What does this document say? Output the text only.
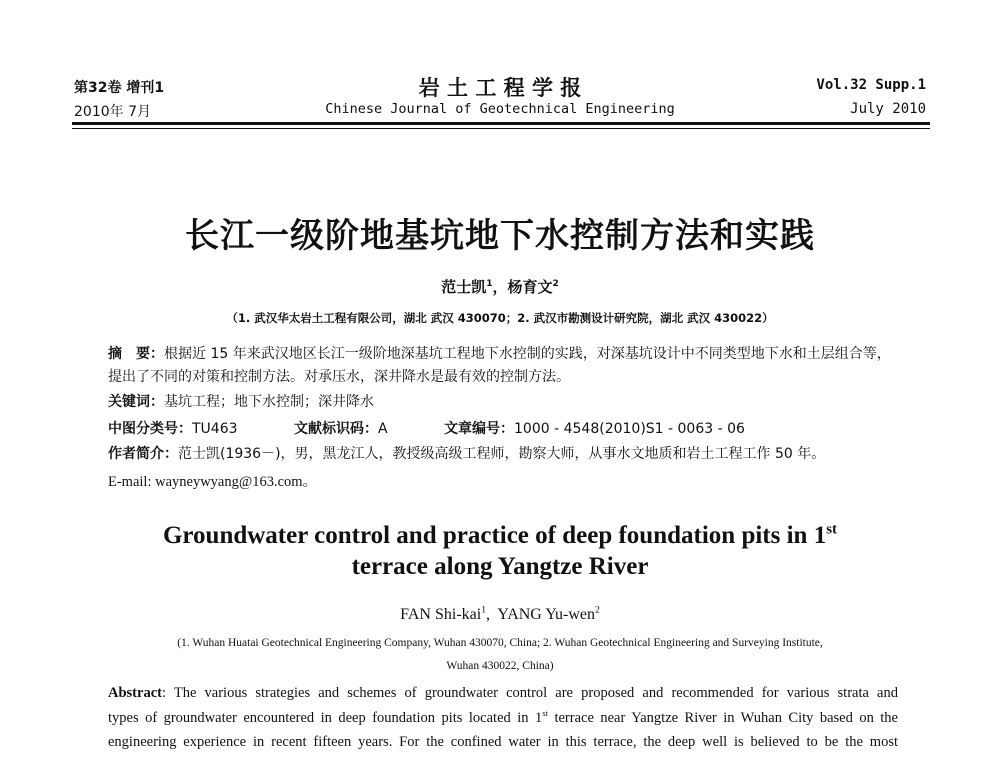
第32卷 增刊1
2010年 7月
岩 土 工 程 学 报
Chinese Journal of Geotechnical Engineering
Vol.32 Supp.1
July 2010
长江一级阶地基坑地下水控制方法和实践
范士凯$^1$，杨育文$^2$
（1. 武汉华太岩土工程有限公司，湖北 武汉 430070；2. 武汉市勘测设计研究院，湖北 武汉 430022）
摘　要：根据近 15 年来武汉地区长江一级阶地深基坑工程地下水控制的实践，对深基坑设计中不同类型地下水和土层组合等，提出了不同的对策和控制方法。对承压水，深井降水是最有效的控制方法。
关键词：基坑工程；地下水控制；深井降水
中图分类号：TU463	文献标识码：A	文章编号：1000 - 4548(2010)S1 - 0063 - 06
作者简介：范士凯(1936－)，男，黑龙江人，教授级高级工程师，勘察大师，从事水文地质和岩土工程工作 50 年。
E-mail: wayneywyang@163.com。
Groundwater control and practice of deep foundation pits in 1st
terrace along Yangtze River
FAN Shi-kai$^1$,  YANG Yu-wen$^2$
(1. Wuhan Huatai Geotechnical Engineering Company, Wuhan 430070, China; 2. Wuhan Geotechnical Engineering and Surveying Institute,
Wuhan 430022, China)
Abstract: The various strategies and schemes of groundwater control are proposed and recommended for various strata and
types of groundwater encountered in deep foundation pits located in 1st terrace near Yangtze River in Wuhan City based on the
engineering experience in recent fifteen years. For the confined water in this terrace, the deep well is believed to be the most
